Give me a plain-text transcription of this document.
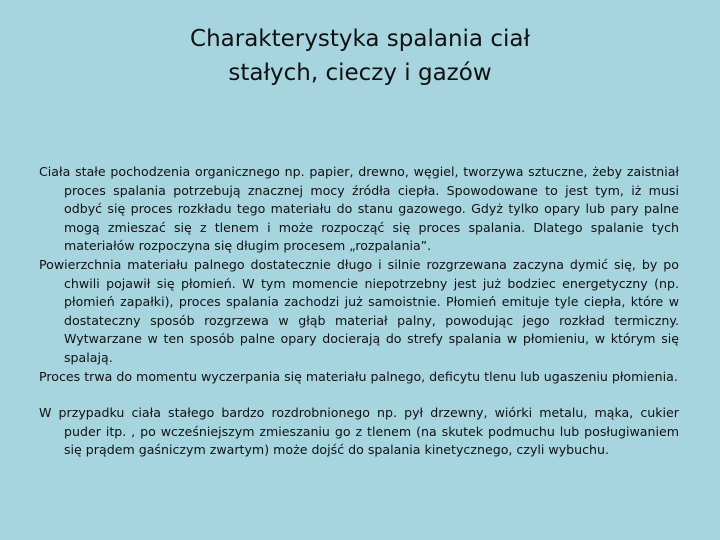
Charakterystyka spalania ciał
stałych, cieczy i gazów

Ciała stałe pochodzenia organicznego np. papier, drewno, węgiel, tworzywa sztuczne, żeby zaistniał proces spalania potrzebują znacznej mocy źródła ciepła. Spowodowane to jest tym, iż musi odbyć się proces rozkładu tego materiału do stanu gazowego. Gdyż tylko opary lub pary palne mogą zmieszać się z tlenem i może rozpocząć się proces spalania. Dlatego spalanie tych materiałów rozpoczyna się długim procesem „rozpalania”.

Powierzchnia materiału palnego dostatecznie długo i silnie rozgrzewana zaczyna dymić się, by po chwili pojawił się płomień. W tym momencie niepotrzebny jest już bodziec energetyczny (np. płomień zapałki), proces spalania zachodzi już samoistnie. Płomień emituje tyle ciepła, które w dostateczny sposób rozgrzewa w głąb materiał palny, powodując jego rozkład termiczny. Wytwarzane w ten sposób palne opary docierają do strefy spalania w płomieniu, w którym się spalają.

Proces trwa do momentu wyczerpania się materiału palnego, deficytu tlenu lub ugaszeniu płomienia.

W przypadku ciała stałego bardzo rozdrobnionego np. pył drzewny, wiórki metalu, mąka, cukier puder itp. , po wcześniejszym zmieszaniu go z tlenem (na skutek podmuchu lub posługiwaniem się prądem gaśniczym zwartym) może dojść do spalania kinetycznego, czyli wybuchu.
